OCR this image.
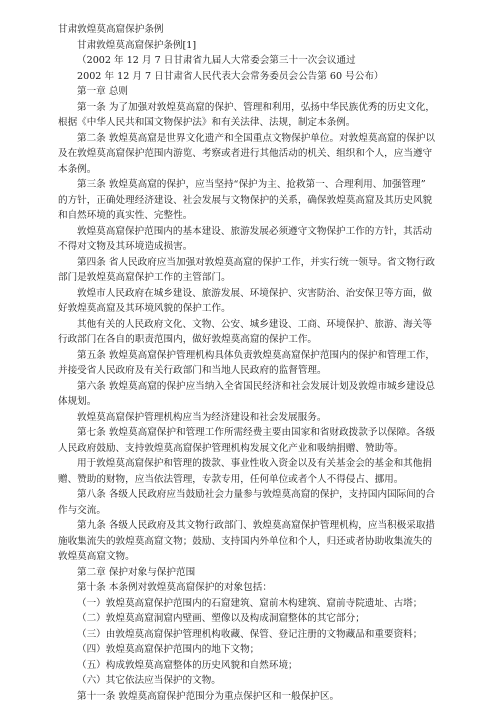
甘肃敦煌莫高窟保护条例

甘肃敦煌莫高窟保护条例[1]

（2002 年 12 月 7 日甘肃省九届人大常委会第三十一次会议通过

2002 年 12 月 7 日甘肃省人民代表大会常务委员会公告第 60 号公布）

第一章 总则

第一条 为了加强对敦煌莫高窟的保护、管理和利用，弘扬中华民族优秀的历史文化，

根据《中华人民共和国文物保护法》和有关法律、法规，制定本条例。

第二条 敦煌莫高窟是世界文化遗产和全国重点文物保护单位。对敦煌莫高窟的保护以

及在敦煌莫高窟保护范围内游览、考察或者进行其他活动的机关、组织和个人，应当遵守

本条例。

第三条 敦煌莫高窟的保护，应当坚持“保护为主、抢救第一、合理利用、加强管理”

的方针，正确处理经济建设、社会发展与文物保护的关系，确保敦煌莫高窟及其历史风貌

和自然环境的真实性、完整性。

敦煌莫高窟保护范围内的基本建设、旅游发展必须遵守文物保护工作的方针，其活动

不得对文物及其环境造成损害。

第四条 省人民政府应当加强对敦煌莫高窟的保护工作，并实行统一领导。省文物行政

部门是敦煌莫高窟保护工作的主管部门。

敦煌市人民政府在城乡建设、旅游发展、环境保护、灾害防治、治安保卫等方面，做

好敦煌莫高窟及其环境风貌的保护工作。

其他有关的人民政府文化、文物、公安、城乡建设、工商、环境保护、旅游、海关等

行政部门在各自的职责范围内，做好敦煌莫高窟的保护工作。

第五条 敦煌莫高窟保护管理机构具体负责敦煌莫高窟保护范围内的保护和管理工作，

并接受省人民政府及有关行政部门和当地人民政府的监督管理。

第六条 敦煌莫高窟的保护应当纳入全省国民经济和社会发展计划及敦煌市城乡建设总

体规划。

敦煌莫高窟保护管理机构应当为经济建设和社会发展服务。

第七条 敦煌莫高窟保护和管理工作所需经费主要由国家和省财政拨款予以保障。各级

人民政府鼓励、支持敦煌莫高窟保护管理机构发展文化产业和吸纳捐赠、赞助等。

用于敦煌莫高窟保护和管理的拨款、事业性收入资金以及有关基金会的基金和其他捐

赠、赞助的财物，应当依法管理，专款专用，任何单位或者个人不得侵占、挪用。

第八条 各级人民政府应当鼓励社会力量参与敦煌莫高窟的保护，支持国内国际间的合

作与交流。

第九条 各级人民政府及其文物行政部门、敦煌莫高窟保护管理机构，应当积极采取措

施收集流失的敦煌莫高窟文物；鼓励、支持国内外单位和个人，归还或者协助收集流失的

敦煌莫高窟文物。

第二章 保护对象与保护范围

第十条 本条例对敦煌莫高窟保护的对象包括：

（一）敦煌莫高窟保护范围内的石窟建筑、窟前木构建筑、窟前寺院遗址、古塔；

（二）敦煌莫高窟洞窟内壁画、塑像以及构成洞窟整体的其它部分；

（三）由敦煌莫高窟保护管理机构收藏、保管、登记注册的文物藏品和重要资料；

（四）敦煌莫高窟保护范围内的地下文物；

（五）构成敦煌莫高窟整体的历史风貌和自然环境；

（六）其它依法应当保护的文物。

第十一条 敦煌莫高窟保护范围分为重点保护区和一般保护区。
